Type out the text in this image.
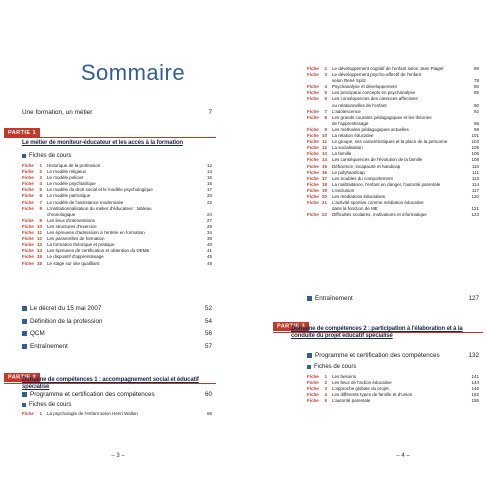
Sommaire
Une formation, un métier	7
PARTIE 1
Le métier de moniteur-éducateur et les accès à la formation
Fiches de cours
Fiche	1 Historique de la profession	12
Fiche	2 Le modèle religieux	14
Fiche	3 Le modèle policier	15
Fiche	4 Le modèle psychiatrique	16
Fiche	5 Le modèle du droit social et le modèle psychologique	17
Fiche	6 Le modèle patriotique	20
Fiche	7 Le modèle de l'assistance modernisée	22
Fiche	8 L'institutionnalisation du métier d'éducateur : tableau
chronologique	24
Fiche	9 Les lieux d'interventions	27
Fiche 10 Les structures d'exercice	29
Fiche 11 Les épreuves d'admission à l'entrée en formation	34
Fiche 12 Les passerelles de formation	39
Fiche 13 La formation théorique et pratique	40
Fiche 14 Les épreuves de certification et obtention du DEME	41
Fiche 15 Le dispositif d'apprentissage	45
Fiche 16 Le stage sur site qualifiant	49
Le décret du 15 mai 2007	52
Définition de la profession	54
QCM	56
Entraînement	57
PARTIE 2
Domaine de compétences 1 : accompagnement social et éducatif spécialisé
Programme et certification des compétences	60
Fiches de cours
Fiche	1 La psychologie de l'enfant selon Henri Wallon	66
– 3 –
Fiche	2 Le développement cognitif de l'enfant selon Jean Piaget	69
Fiche	3 Le développement psycho-affectif de l'enfant
selon René Spitz	78
Fiche	4 Psychanalyse et développement	80
Fiche	5 Les principaux concepts en psychanalyse	85
Fiche	6 Les conséquences des carences affectives
ou relationnelles de l'enfant	90
Fiche	7 L'adolescence	92
Fiche	8 Les grands courants pédagogiques et les théories
de l'apprentissage	95
Fiche	9 Les méthodes pédagogiques actuelles	98
Fiche 10 La relation éducative	101
Fiche 11 Le groupe, ses caractéristiques et la place de la personne	103
Fiche 12 La socialisation	105
Fiche 13 La famille	106
Fiche 14 Les conséquences de l'évolution de la famille	108
Fiche 15 Déficience, incapacité et handicap	110
Fiche 16 Le polyhandicap	111
Fiche 17 Les troubles du comportement	112
Fiche 18 La maltraitance, l'enfant en danger, l'autorité parentale	114
Fiche 19 L'exclusion	117
Fiche 20 Les médiations éducatives	120
Fiche 21 L'activité sportive comme médiation éducative
dans la fonction de ME	121
Fiche 22 Difficultés scolaires, motivations et informatique	123
Entraînement	127
PARTIE 3
Domaine de compétences 2 : participation à l'élaboration et à la conduite du projet éducatif spécialisé
Programme et certification des compétences	132
Fiches de cours
Fiche	1 Les besoins	141
Fiche	2 Les lieux de l'action éducative	144
Fiche	3 L'approche globale du projet	146
Fiche	4 Les différents types de famille et d'union	152
Fiche	5 L'autorité parentale	155
– 4 –
